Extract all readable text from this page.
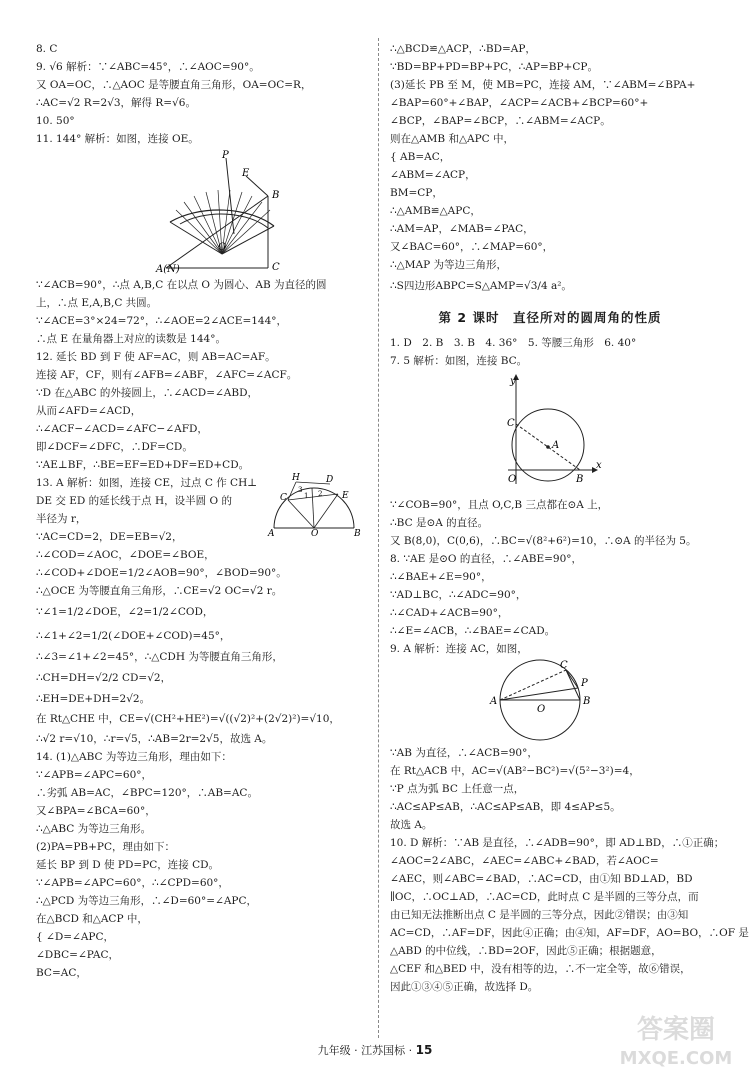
8. C
9. √6 解析：∵∠ABC=45°，∴∠AOC=90°。
又 OA=OC，∴△AOC 是等腰直角三角形，OA=OC=R，
∴AC=√2 R=2√3，解得 R=√6。
10. 50°
11. 144° 解析：如图，连接 OE。
P
E
B
O
C
A(N)
∵∠ACB=90°，∴点 A,B,C 在以点 O 为圆心、AB 为直径的圆
上，∴点 E,A,B,C 共圆。
∵∠ACE=3°×24=72°，∴∠AOE=2∠ACE=144°，
∴点 E 在量角器上对应的读数是 144°。
12. 延长 BD 到 F 使 AF=AC，则 AB=AC=AF。
连接 AF，CF，则有∠AFB=∠ABF，∠AFC=∠ACF。
∵D 在△ABC 的外接圆上，∴∠ACD=∠ABD，
从而∠AFD=∠ACD，
∴∠ACF−∠ACD=∠AFC−∠AFD，
即∠DCF=∠DFC，∴DF=CD。
∵AE⊥BF，∴BE=EF=ED+DF=ED+CD。
13. A 解析：如图，连接 CE，过点 C 作 CH⊥
DE 交 ED 的延长线于点 H，设半圆 O 的
半径为 r，
H
C
D
E
A	O	B
1 2
3
∵AC=CD=2，DE=EB=√2，
∴∠COD=∠AOC，∠DOE=∠BOE，
∴∠COD+∠DOE=1/2∠AOB=90°，∠BOD=90°。
∴△OCE 为等腰直角三角形，∴CE=√2 OC=√2 r。
∵∠1=1/2∠DOE，∠2=1/2∠COD，
∴∠1+∠2=1/2(∠DOE+∠COD)=45°，
∴∠3=∠1+∠2=45°，∴△CDH 为等腰直角三角形，
∴CH=DH=√2/2 CD=√2，
∴EH=DE+DH=2√2。
在 Rt△CHE 中，CE=√(CH²+HE²)=√((√2)²+(2√2)²)=√10，
∴√2 r=√10，∴r=√5，∴AB=2r=2√5，故选 A。
14. (1)△ABC 为等边三角形，理由如下：
∵∠APB=∠APC=60°，
∴劣弧 AB=AC，∠BPC=120°，∴AB=AC。
又∠BPA=∠BCA=60°，
∴△ABC 为等边三角形。
(2)PA=PB+PC，理由如下：
延长 BP 到 D 使 PD=PC，连接 CD。
∵∠APB=∠APC=60°，∴∠CPD=60°，
∴△PCD 为等边三角形，∴∠D=60°=∠APC，
在△BCD 和△ACP 中，
{ ∠D=∠APC，
∠DBC=∠PAC，
BC=AC，
∴△BCD≌△ACP，∴BD=AP，
∵BD=BP+PD=BP+PC，∴AP=BP+CP。
(3)延长 PB 至 M，使 MB=PC，连接 AM，∵∠ABM=∠BPA+
∠BAP=60°+∠BAP，∠ACP=∠ACB+∠BCP=60°+
∠BCP，∠BAP=∠BCP，∴∠ABM=∠ACP。
则在△AMB 和△APC 中，
{ AB=AC，
∠ABM=∠ACP，
BM=CP，
∴△AMB≌△APC，
∴AM=AP，∠MAB=∠PAC，
又∠BAC=60°，∴∠MAP=60°，
∴△MAP 为等边三角形，
∴S四边形ABPC=S△AMP=√3/4 a²。
第 2 课时　直径所对的圆周角的性质
1. D　2. B　3. B　4. 36°　5. 等腰三角形　6. 40°
7. 5 解析：如图，连接 BC。
y
x
C
A
O	B
∵∠COB=90°，且点 O,C,B 三点都在⊙A 上，
∴BC 是⊙A 的直径。
又 B(8,0)，C(0,6)，∴BC=√(8²+6²)=10，∴⊙A 的半径为 5。
8. ∵AE 是⊙O 的直径，∴∠ABE=90°，
∴∠BAE+∠E=90°，
∵AD⊥BC，∴∠ADC=90°，
∴∠CAD+∠ACB=90°，
∴∠E=∠ACB，∴∠BAE=∠CAD。
9. A 解析：连接 AC，如图，
C
P
A
O
B
∵AB 为直径，∴∠ACB=90°，
在 Rt△ACB 中，AC=√(AB²−BC²)=√(5²−3²)=4，
∵P 点为弧 BC 上任意一点，
∴AC≤AP≤AB，∴AC≤AP≤AB，即 4≤AP≤5。
故选 A。
10. D 解析：∵AB 是直径，∴∠ADB=90°，即 AD⊥BD，∴①正确；
∠AOC=2∠ABC，∠AEC=∠ABC+∠BAD，若∠AOC=
∠AEC，则∠ABC=∠BAD，∴AC=CD，由①知 BD⊥AD，BD
∥OC，∴OC⊥AD，∴AC=CD，此时点 C 是半圆的三等分点，而
由已知无法推断出点 C 是半圆的三等分点，因此②错误；由③知
AC=CD，∴AF=DF，因此④正确；由④知，AF=DF，AO=BO，∴OF 是
△ABD 的中位线，∴BD=2OF，因此⑤正确；根据题意，
△CEF 和△BED 中，没有相等的边，∴不一定全等，故⑥错误，
因此①③④⑤正确，故选择 D。
九年级 · 江苏国标 · 15
答案圈
MXQE.COM
